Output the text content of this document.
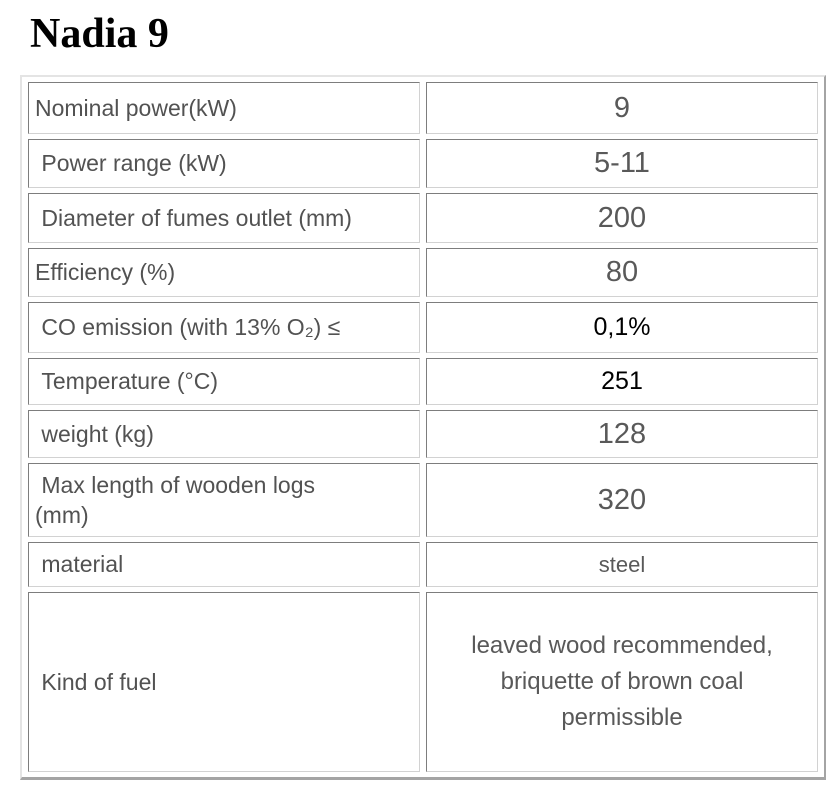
Nadia 9
Nominal power(kW)	9

Power range (kW)	5-11

Diameter of fumes outlet (mm)	200

Efficiency (%)	80

CO emission (with 13% O₂) ≤	0,1%

Temperature (°C)	251

weight (kg)	128

Max length of wooden logs
(mm)	320

material	steel

Kind of fuel	leaved wood recommended, briquette of brown coal permissible
